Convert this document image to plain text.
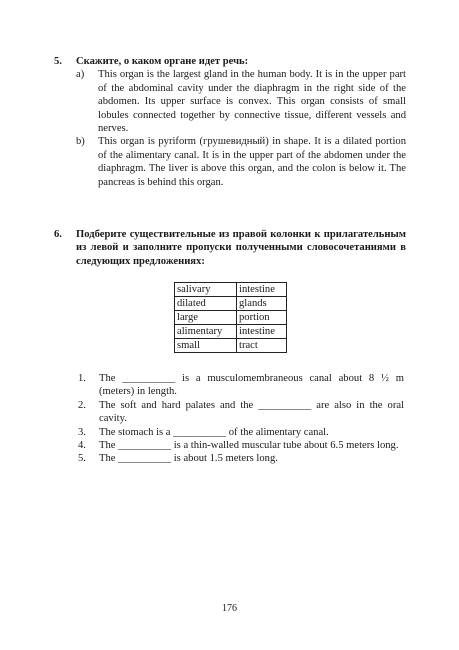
5. Скажите, о каком органе идет речь:
a) This organ is the largest gland in the human body. It is in the upper part of the abdominal cavity under the diaphragm in the right side of the abdomen. Its upper surface is convex. This organ consists of small lobules connected together by connective tissue, different vessels and nerves.
b) This organ is pyriform (грушевидный) in shape. It is a dilated portion of the alimentary canal. It is in the upper part of the abdomen under the diaphragm. The liver is above this organ, and the colon is below it. The pancreas is behind this organ.
6. Подберите существительные из правой колонки к прилагательным из левой и заполните пропуски полученными словосочетаниями в следующих предложениях:
salivary	intestine
dilated	glands
large	portion
alimentary	intestine
small	tract
1. The __________ is a musculomembraneous canal about 8 ½ m (meters) in length.
2. The soft and hard palates and the __________ are also in the oral cavity.
3. The stomach is a __________ of the alimentary canal.
4. The __________ is a thin-walled muscular tube about 6.5 meters long.
5. The __________ is about 1.5 meters long.
176
